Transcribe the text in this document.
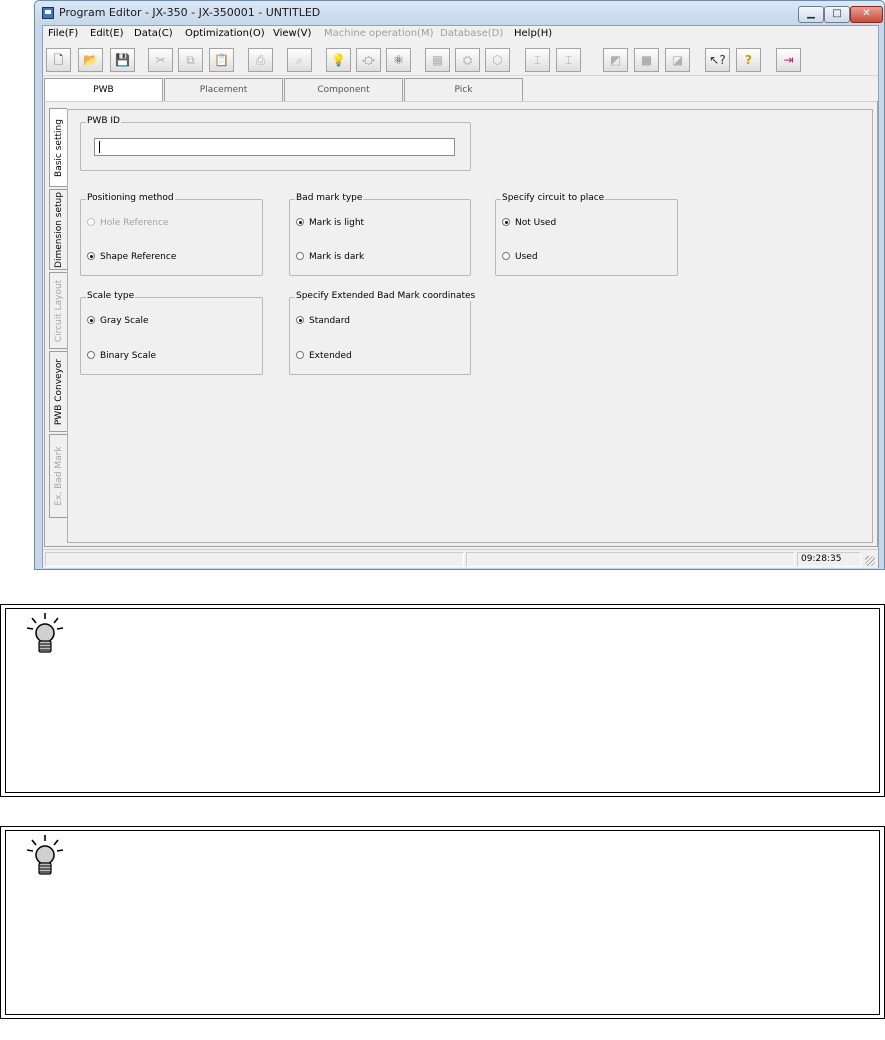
Program Editor - JX-350 - JX-350001 - UNTITLED	▁	□	✕
File(F) Edit(E) Data(C) Optimization(O) View(V) Machine operation(M) Database(D) Help(H)
🗋	📂	💾	✂	⧉	📋	⎙	⌕	💡	⛮	⚛	▦	⛭	⬡	⌶	⌶	◩	■	◪	↖?	?	⇥
PWB	Placement	Component	Pick
Basic setting
Dimension setup
Circuit Layout
PWB Conveyor
Ex. Bad Mark
PWB ID
Positioning method
Hole Reference
Shape Reference
Bad mark type
Mark is light
Mark is dark
Specify circuit to place
Not Used
Used
Scale type
Gray Scale
Binary Scale
Specify Extended Bad Mark coordinates
Standard
Extended
09:28:35
